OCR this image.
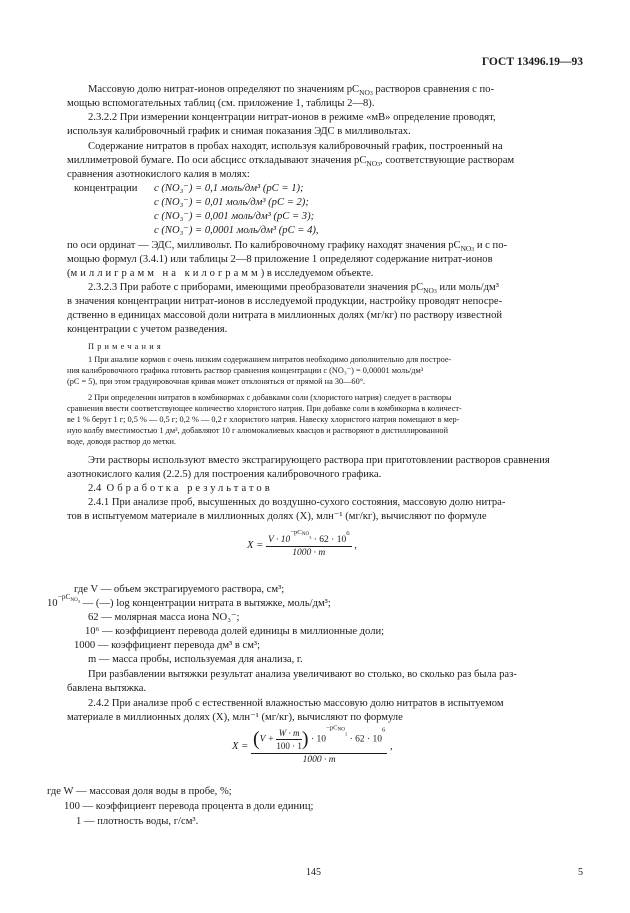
ГОСТ 13496.19—93
Массовую долю нитрат-ионов определяют по значениям $pC_{NO3}$ растворов сравнения с по-
мощью вспомогательных таблиц (см. приложение 1, таблицы 2—8).
2.3.2.2 При измерении концентрации нитрат-ионов в режиме «мВ» определение проводят,
используя калибровочный график и снимая показания ЭДС в милливольтах.
Содержание нитратов в пробах находят, используя калибровочный график, построенный на
миллиметровой бумаге. По оси абсцисс откладывают значения $pC_{NO3}$, соответствующие растворам
сравнения азотнокислого калия в молях:
концентрации c (NO₃⁻) = 0,1 моль/дм³ (pC = 1);
c (NO₃⁻) = 0,01 моль/дм³ (pC = 2);
c (NO₃⁻) = 0,001 моль/дм³ (pC = 3);
c (NO₃⁻) = 0,0001 моль/дм³ (pC = 4),
по оси ординат — ЭДС, милливольт. По калибровочному графику находят значения $pC_{NO3}$ и с по-
мощью формул (3.4.1) или таблицы 2—8 приложение 1 определяют содержание нитрат-ионов
(миллиграмм на килограмм) в исследуемом объекте.
2.3.2.3 При работе с приборами, имеющими преобразователи значения $pC_{NO3}$ или моль/дм³
в значения концентрации нитрат-ионов в исследуемой продукции, настройку проводят непосре-
дственно в единицах массовой доли нитрата в миллионных долях (мг/кг) по раствору известной
концентрации с учетом разведения.
Примечания
1 При анализе кормов с очень низким содержанием нитратов необходимо дополнительно для построе-
ния калибровочного графика готовить раствор сравнения концентрации c (NO₃⁻) = 0,00001 моль/дм³
(pC = 5), при этом градуировочная кривая может отклоняться от прямой на 30—60°.
2 При определении нитратов в комбикормах с добавками соли (хлористого натрия) следует в растворы
сравнения ввести соответствующее количество хлористого натрия. При добавке соли в комбикорма в количест-
ве 1 % берут 1 г; 0,5 % — 0,5 г; 0,2 % — 0,2 г хлористого натрия. Навеску хлористого натрия помещают в мер-
ную колбу вместимостью 1 дм³, добавляют 10 г алюмокалиевых квасцов и растворяют в дистиллированной
воде, доводя раствор до метки.
Эти растворы используют вместо экстрагирующего раствора при приготовлении растворов сравнения
азотнокислого калия (2.2.5) для построения калибровочного графика.
2.4 Обработка результатов
2.4.1 При анализе проб, высушенных до воздушно-сухого состояния, массовую долю нитра-
тов в испытуемом материале в миллионных долях (X), млн⁻¹ (мг/кг), вычисляют по формуле
$X = \frac{V \cdot 10^{-pCNO3} \cdot 62 \cdot 10^6}{1000 \cdot m}$ ,
где V — объем экстрагируемого раствора, см³;
$10^{-pC_{NO_3}}$ — (—) log концентрации нитрата в вытяжке, моль/дм³;
62 — молярная масса иона NO₃⁻;
10⁶ — коэффициент перевода долей единицы в миллионные доли;
1000 — коэффициент перевода дм³ в см³;
m — масса пробы, используемая для анализа, г.
При разбавлении вытяжки результат анализа увеличивают во столько, во сколько раз была раз-
бавлена вытяжка.
2.4.2 При анализе проб с естественной влажностью массовую долю нитратов в испытуемом
материале в миллионных долях (X), млн⁻¹ (мг/кг), вычисляют по формуле
$X = (V + \frac{W \cdot m}{100 \cdot 1}$ ) · $10^{-pCNO3} \cdot 62 \cdot 10^6$
1000 · m
,
где W — массовая доля воды в пробе, %;
100 — коэффициент перевода процента в доли единиц;
1 — плотность воды, г/см³.
145	5
